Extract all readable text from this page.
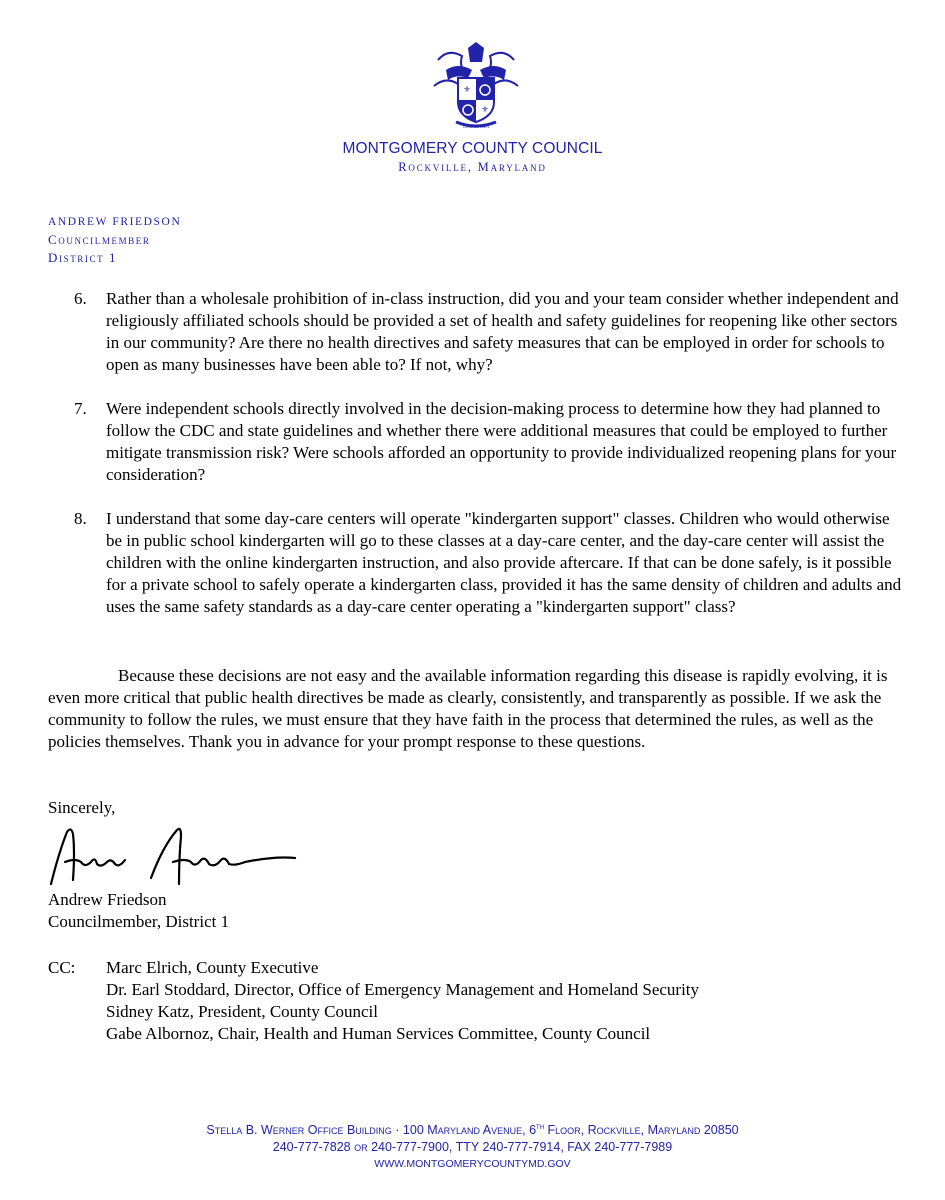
⚜
⚜
GARDEZ BIEN
MONTGOMERY COUNTY COUNCIL
Rockville, Maryland
ANDREW FRIEDSON
Councilmember
District 1
6. Rather than a wholesale prohibition of in-class instruction, did you and your team consider whether independent and religiously affiliated schools should be provided a set of health and safety guidelines for reopening like other sectors in our community? Are there no health directives and safety measures that can be employed in order for schools to open as many businesses have been able to? If not, why?
7. Were independent schools directly involved in the decision-making process to determine how they had planned to follow the CDC and state guidelines and whether there were additional measures that could be employed to further mitigate transmission risk? Were schools afforded an opportunity to provide individualized reopening plans for your consideration?
8. I understand that some day-care centers will operate "kindergarten support" classes. Children who would otherwise be in public school kindergarten will go to these classes at a day-care center, and the day-care center will assist the children with the online kindergarten instruction, and also provide aftercare. If that can be done safely, is it possible for a private school to safely operate a kindergarten class, provided it has the same density of children and adults and uses the same safety standards as a day-care center operating a "kindergarten support" class?

Because these decisions are not easy and the available information regarding this disease is rapidly evolving, it is even more critical that public health directives be made as clearly, consistently, and transparently as possible. If we ask the community to follow the rules, we must ensure that they have faith in the process that determined the rules, as well as the policies themselves. Thank you in advance for your prompt response to these questions.

Sincerely,
Andrew Friedson
Councilmember, District 1
CC: Marc Elrich, County Executive
Dr. Earl Stoddard, Director, Office of Emergency Management and Homeland Security
Sidney Katz, President, County Council
Gabe Albornoz, Chair, Health and Human Services Committee, County Council
Stella B. Werner Office Building · 100 Maryland Avenue, 6th Floor, Rockville, Maryland 20850
240-777-7828 or 240-777-7900, TTY 240-777-7914, FAX 240-777-7989
WWW.MONTGOMERYCOUNTYMD.GOV
